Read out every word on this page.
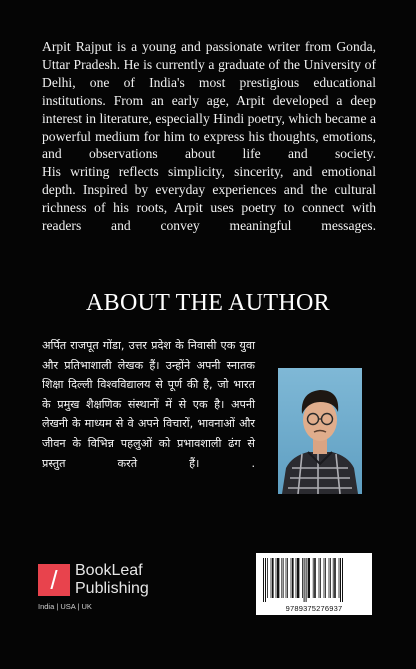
Arpit Rajput is a young and passionate writer from Gonda, Uttar Pradesh. He is currently a graduate of the University of Delhi, one of India's most prestigious educational institutions. From an early age, Arpit developed a deep interest in literature, especially Hindi poetry, which became a powerful medium for him to express his thoughts, emotions, and observations about life and society.

His writing reflects simplicity, sincerity, and emotional depth. Inspired by everyday experiences and the cultural richness of his roots, Arpit uses poetry to connect with readers and convey meaningful messages.

ABOUT THE AUTHOR

अर्पित राजपूत गोंडा, उत्तर प्रदेश के निवासी एक युवा और प्रतिभाशाली लेखक हैं। उन्होंने अपनी स्नातक शिक्षा दिल्ली विश्वविद्यालय से पूर्ण की है, जो भारत के प्रमुख शैक्षणिक संस्थानों में से एक है। अपनी लेखनी के माध्यम से वे अपने विचारों, भावनाओं और जीवन के विभिन्न पहलुओं को प्रभावशाली ढंग से प्रस्तुत करते हैं। .

/	BookLeaf
Publishing
India | USA | UK	9789375276937
